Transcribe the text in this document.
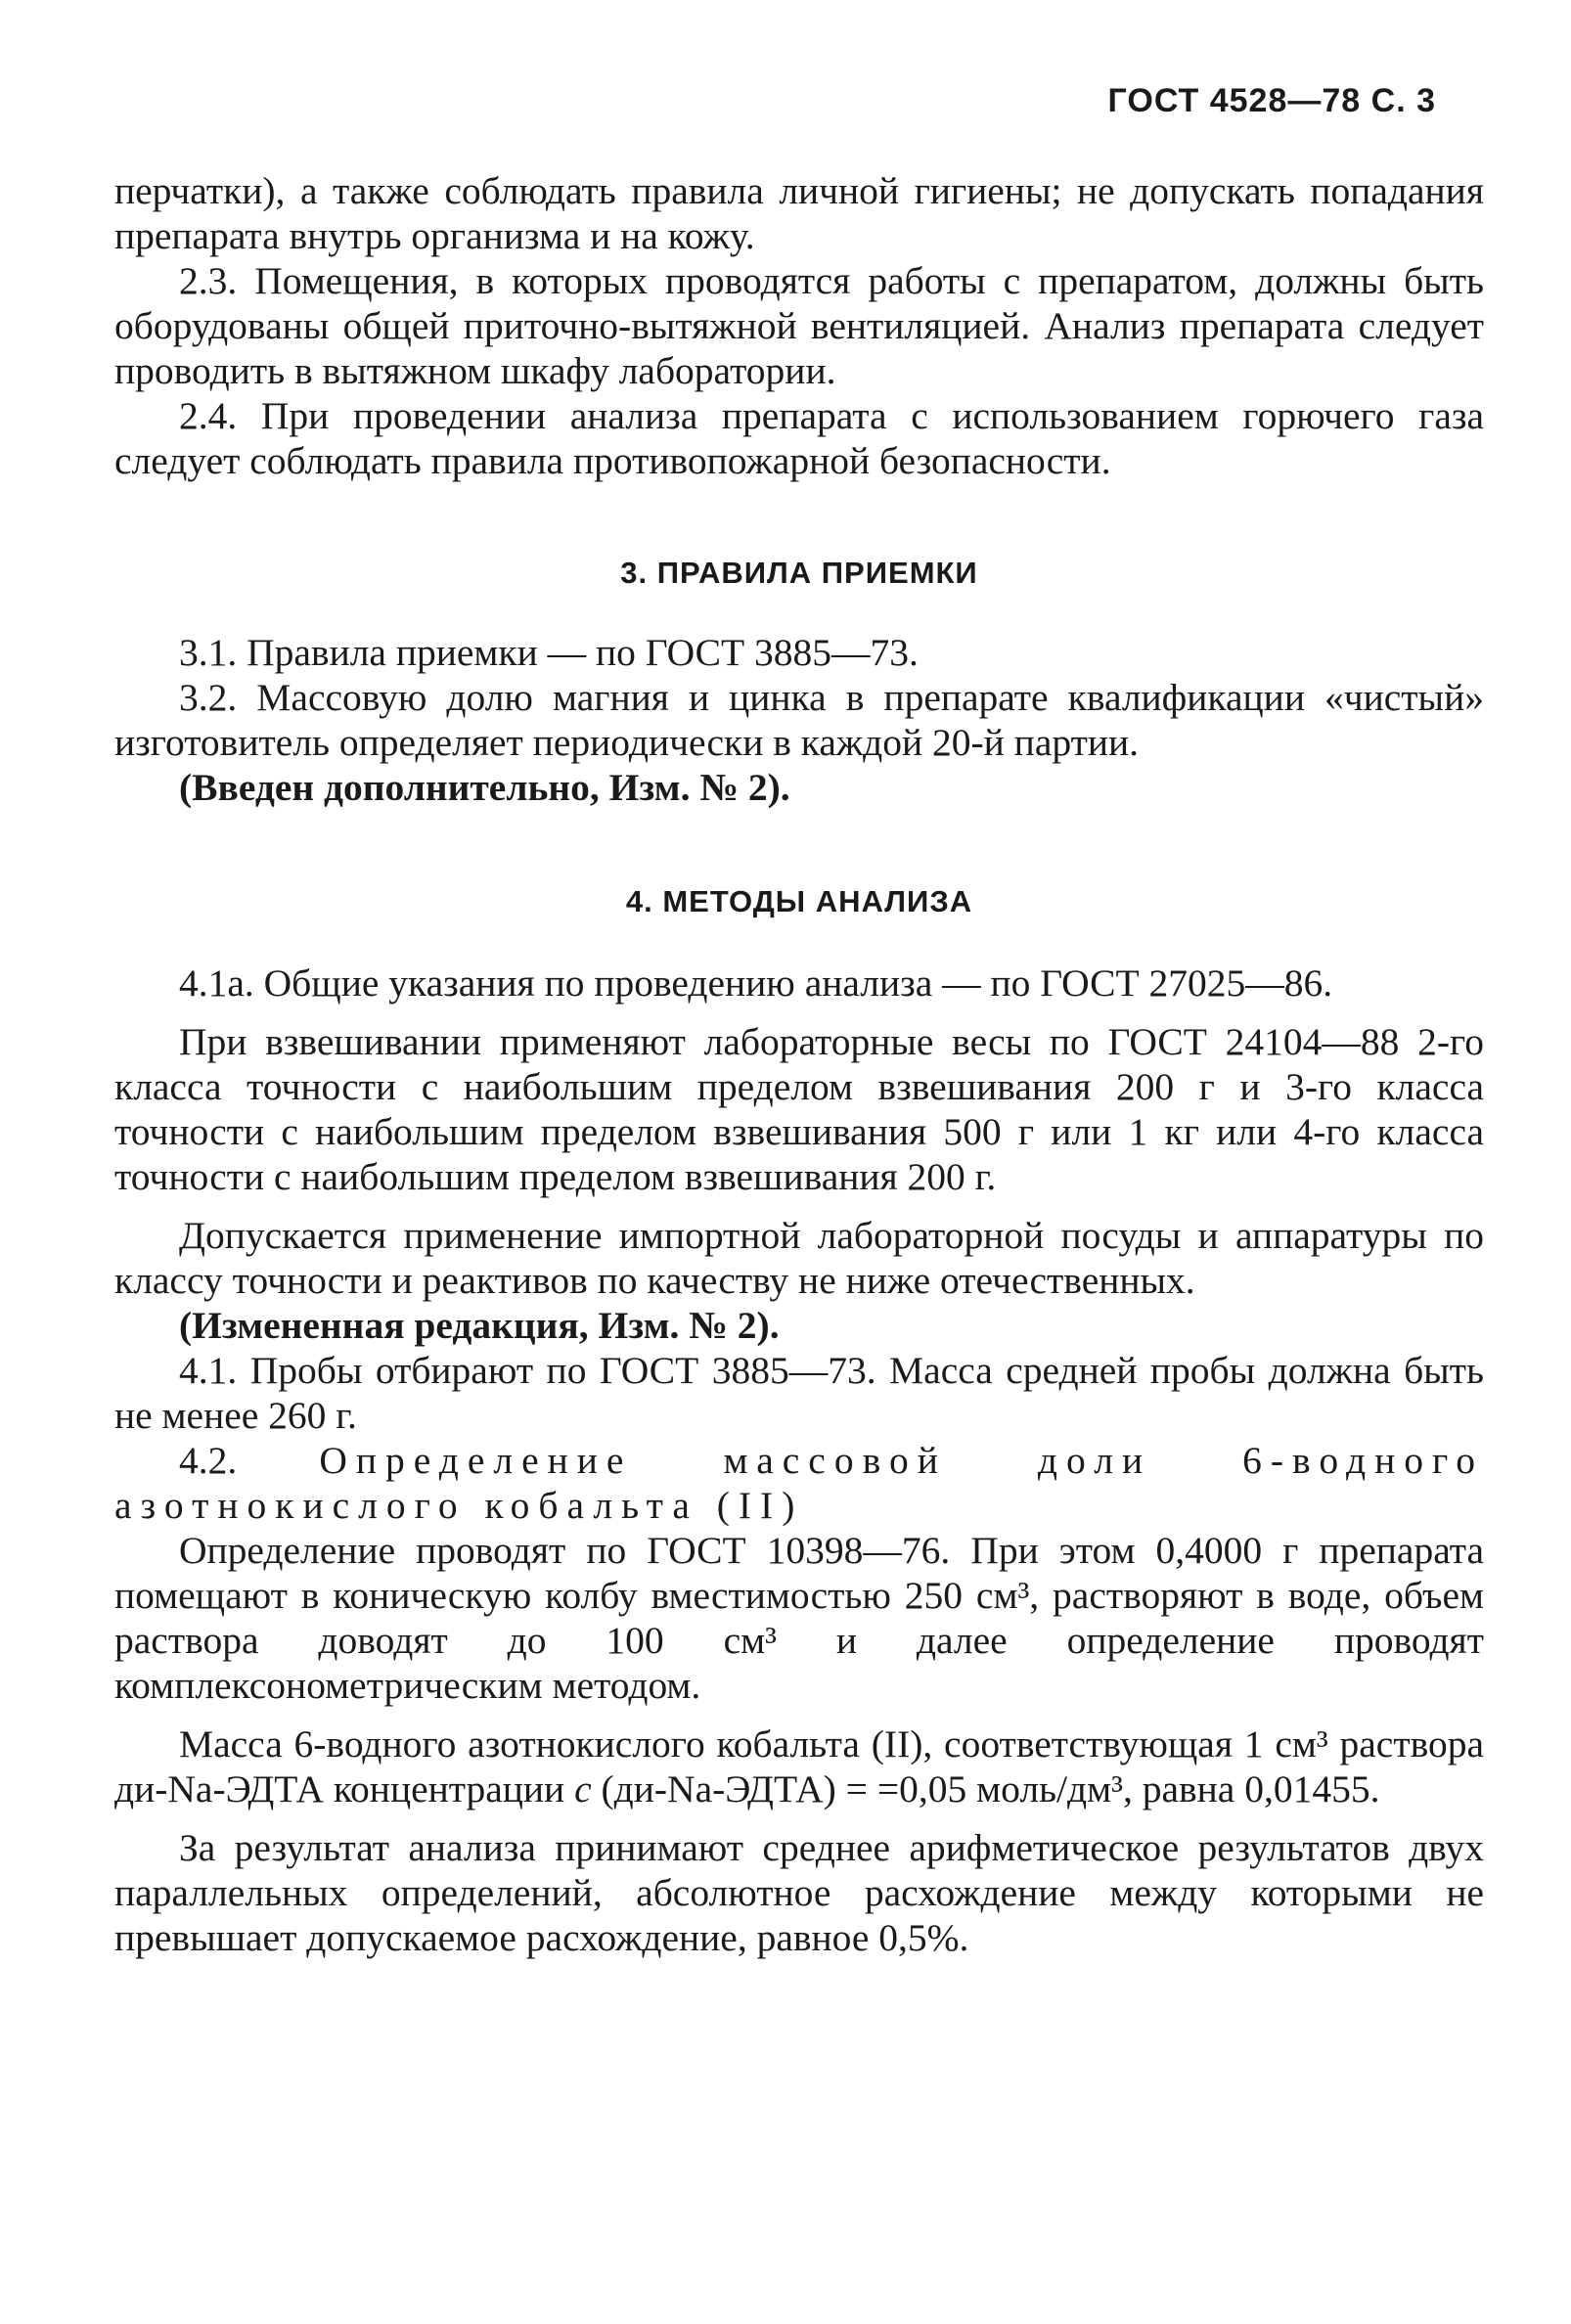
ГОСТ 4528—78 С. 3

перчатки), а также соблюдать правила личной гигиены; не допускать попадания препарата внутрь организма и на кожу.

2.3. Помещения, в которых проводятся работы с препаратом, должны быть оборудованы общей приточно-вытяжной вентиляцией. Анализ препарата следует проводить в вытяжном шкафу лаборатории.

2.4. При проведении анализа препарата с использованием горючего газа следует соблюдать правила противопожарной безопасности.

3. ПРАВИЛА ПРИЕМКИ

3.1. Правила приемки — по ГОСТ 3885—73.

3.2. Массовую долю магния и цинка в препарате квалификации «чистый» изготовитель определяет периодически в каждой 20-й партии.

(Введен дополнительно, Изм. № 2).

4. МЕТОДЫ АНАЛИЗА

4.1а. Общие указания по проведению анализа — по ГОСТ 27025—86.

При взвешивании применяют лабораторные весы по ГОСТ 24104—88 2-го класса точности с наибольшим пределом взвешивания 200 г и 3-го класса точности с наибольшим пределом взвешивания 500 г или 1 кг или 4-го класса точности с наибольшим пределом взвешивания 200 г.

Допускается применение импортной лабораторной посуды и аппаратуры по классу точности и реактивов по качеству не ниже отечественных.

(Измененная редакция, Изм. № 2).

4.1. Пробы отбирают по ГОСТ 3885—73. Масса средней пробы должна быть не менее 260 г.

4.2. Определение массовой доли 6-водного азотнокислого кобальта (II)

Определение проводят по ГОСТ 10398—76. При этом 0,4000 г препарата помещают в коническую колбу вместимостью 250 см³, растворяют в воде, объем раствора доводят до 100 см³ и далее определение проводят комплексонометрическим методом.

Масса 6-водного азотнокислого кобальта (II), соответствующая 1 см³ раствора ди-Na-ЭДТА концентрации с (ди-Na-ЭДТА) = =0,05 моль/дм³, равна 0,01455.

За результат анализа принимают среднее арифметическое результатов двух параллельных определений, абсолютное расхождение между которыми не превышает допускаемое расхождение, равное 0,5%.
